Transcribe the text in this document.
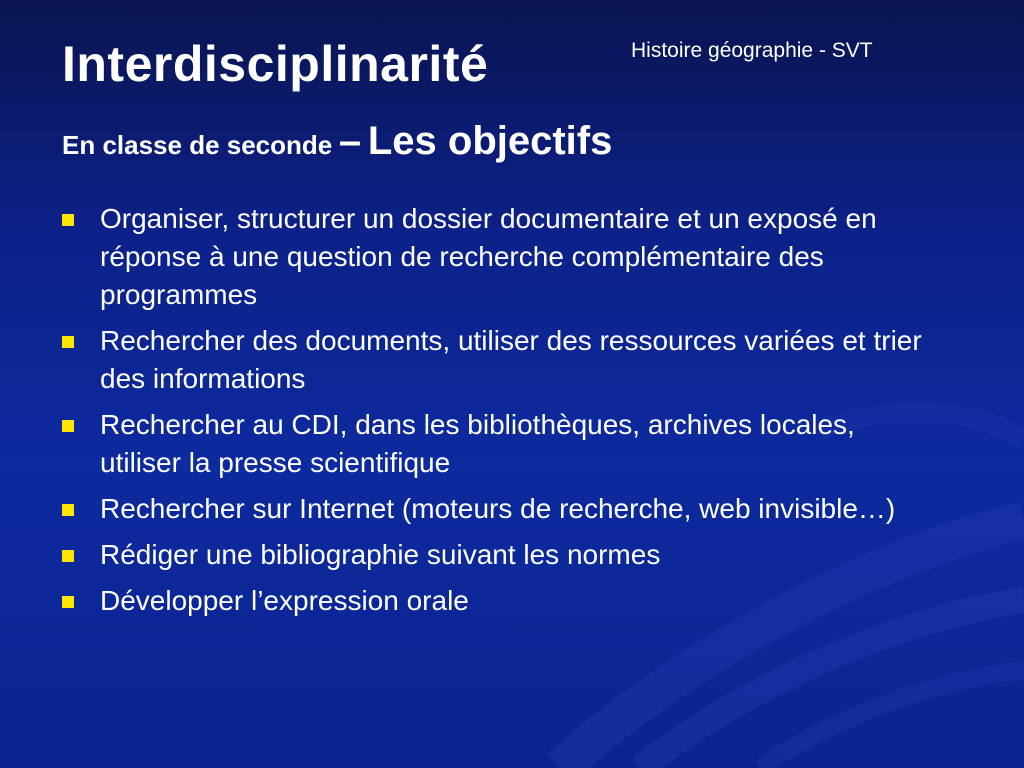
Interdisciplinarité	Histoire géographie - SVT
En classe de seconde – Les objectifs
Organiser, structurer un dossier documentaire et un exposé en réponse à une question de recherche complémentaire des programmes
Rechercher des documents, utiliser des ressources variées et trier des informations
Rechercher au CDI, dans les bibliothèques, archives locales, utiliser la presse scientifique
Rechercher sur Internet (moteurs de recherche, web invisible…)
Rédiger une bibliographie suivant les normes
Développer l’expression orale
